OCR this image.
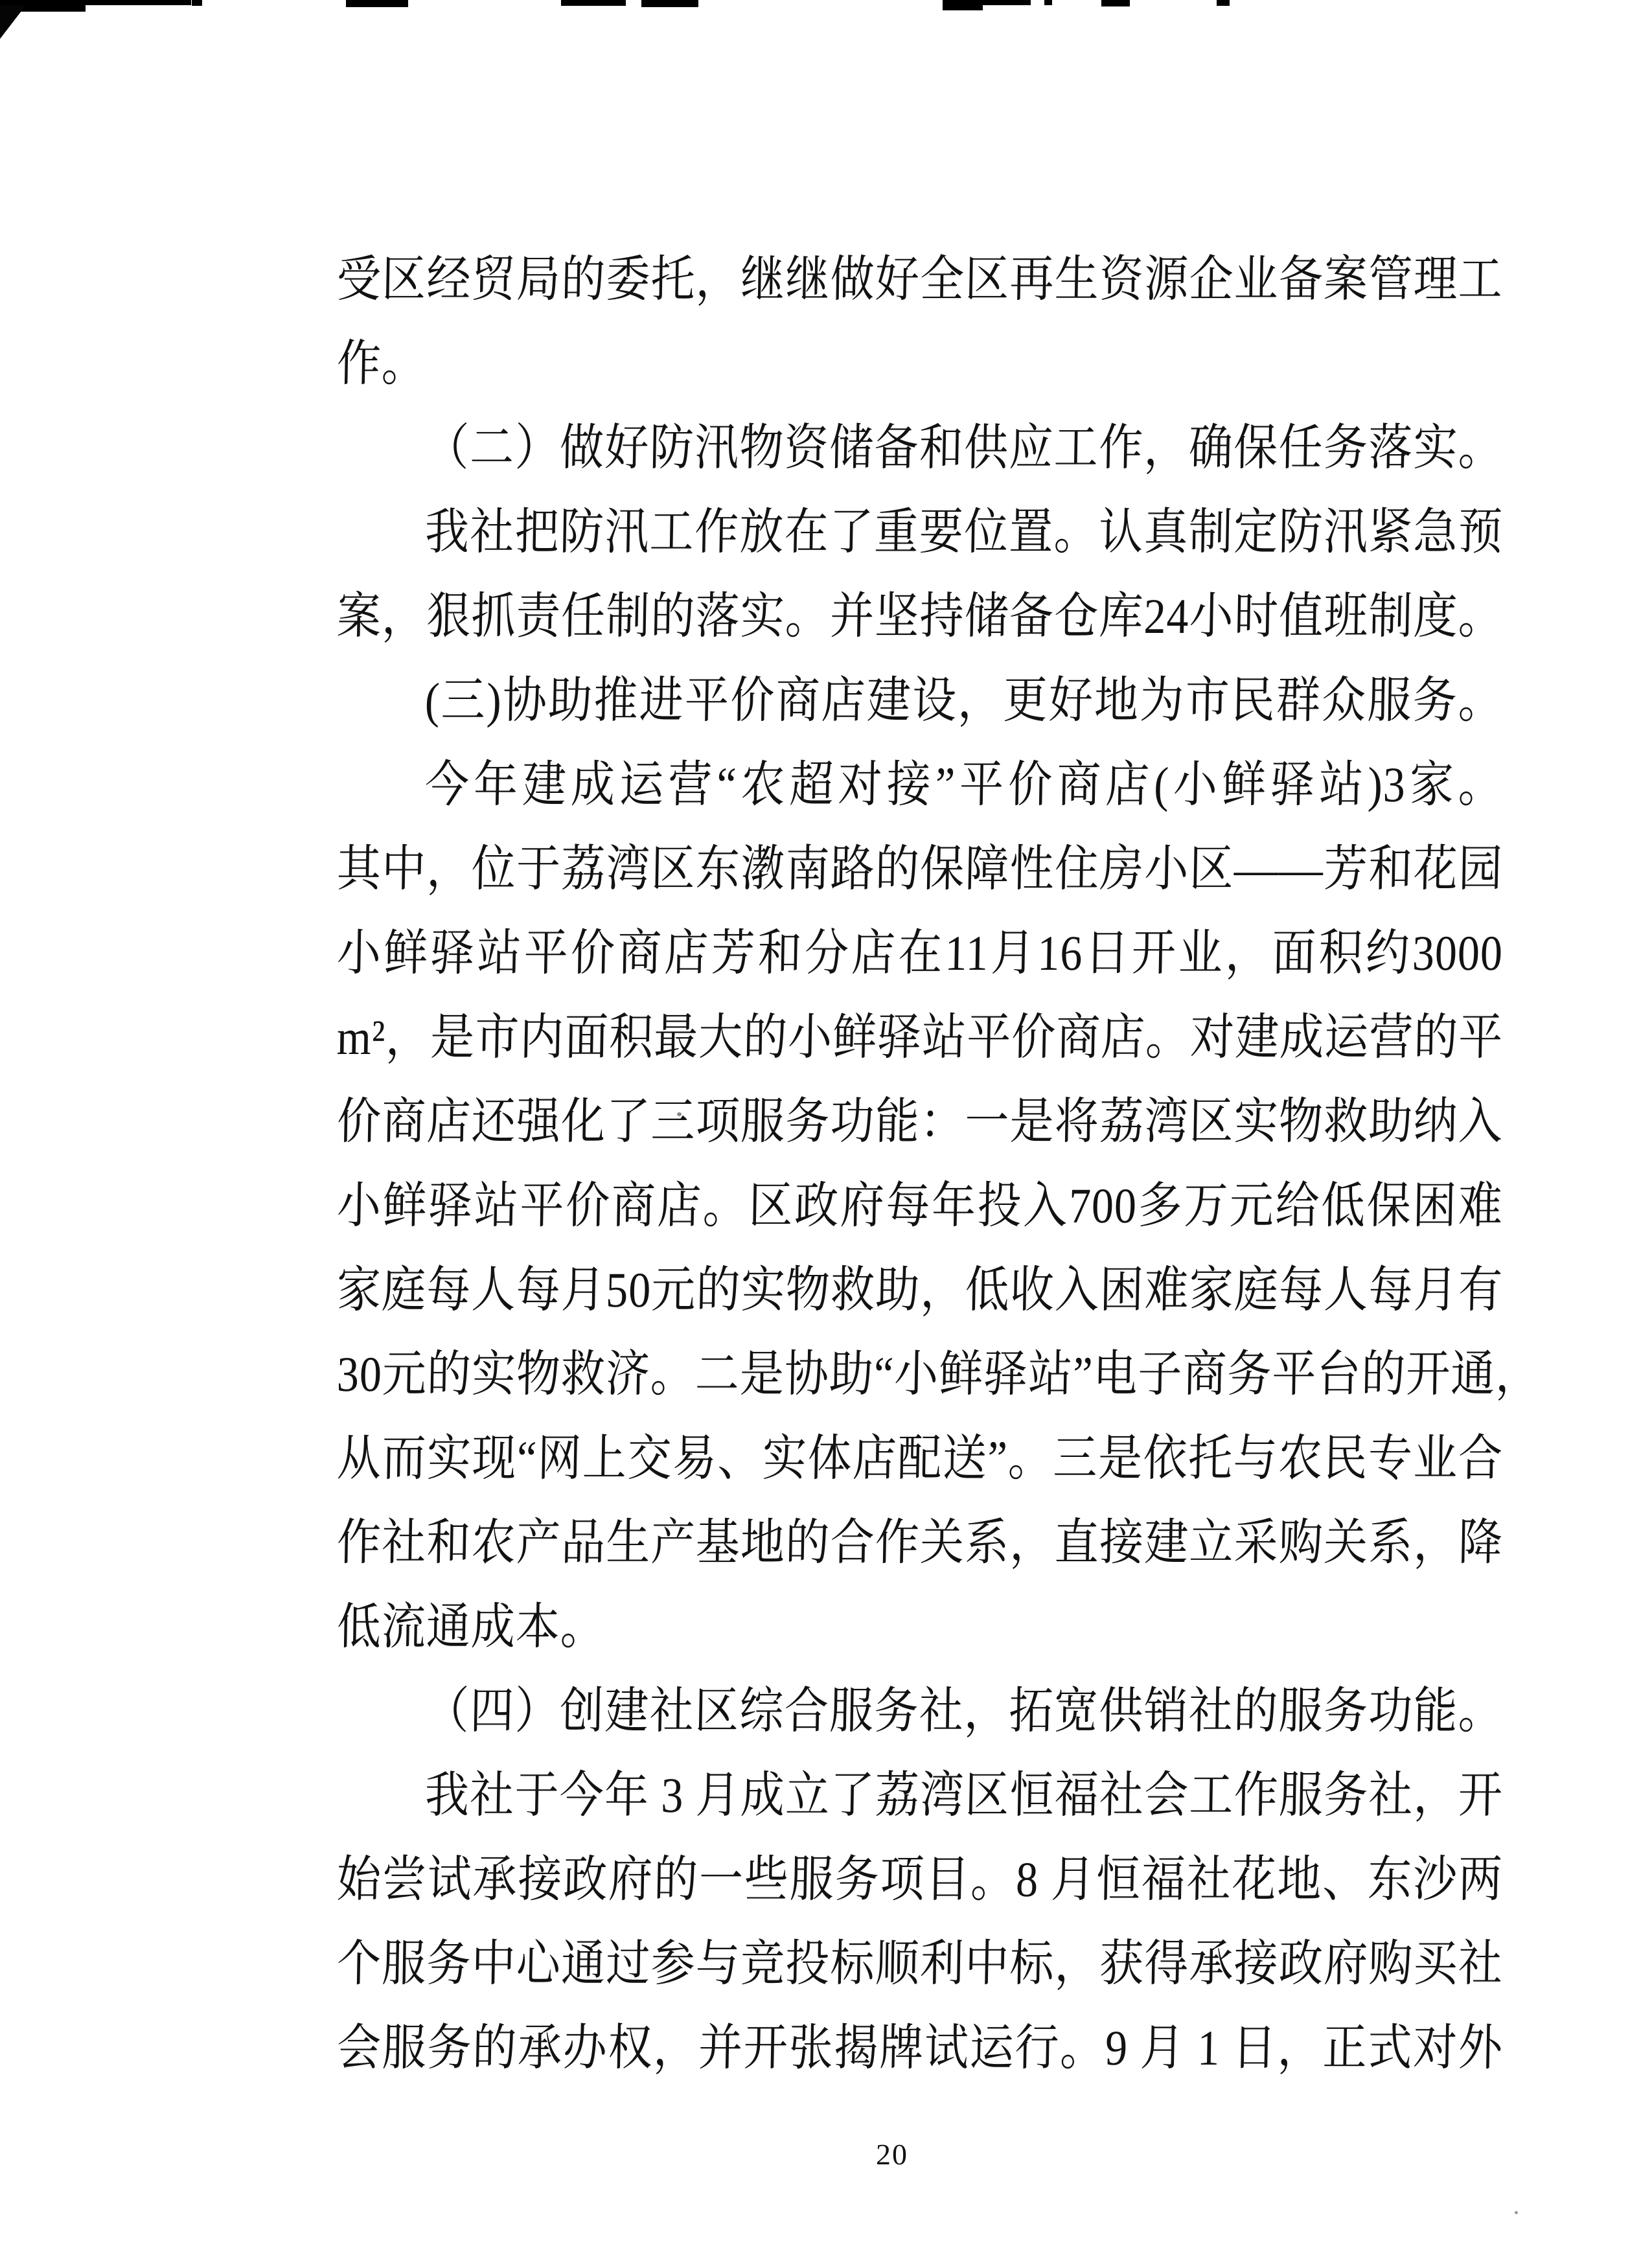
受区经贸局的委托，继继做好全区再生资源企业备案管理工
作。
（二）做好防汛物资储备和供应工作，确保任务落实。
我社把防汛工作放在了重要位置。认真制定防汛紧急预
案，狠抓责任制的落实。并坚持储备仓库24小时值班制度。
(三)协助推进平价商店建设，更好地为市民群众服务。
今年建成运营“农超对接”平价商店(小鲜驿站)3家。
其中，位于荔湾区东漖南路的保障性住房小区——芳和花园
小鲜驿站平价商店芳和分店在11月16日开业，面积约3000
m²，是市内面积最大的小鲜驿站平价商店。对建成运营的平
价商店还强化了三项服务功能：一是将荔湾区实物救助纳入
小鲜驿站平价商店。区政府每年投入700多万元给低保困难
家庭每人每月50元的实物救助，低收入困难家庭每人每月有
30元的实物救济。二是协助“小鲜驿站”电子商务平台的开通，
从而实现“网上交易、实体店配送”。三是依托与农民专业合
作社和农产品生产基地的合作关系，直接建立采购关系，降
低流通成本。
（四）创建社区综合服务社，拓宽供销社的服务功能。
我社于今年 3 月成立了荔湾区恒福社会工作服务社，开
始尝试承接政府的一些服务项目。8 月恒福社花地、东沙两
个服务中心通过参与竞投标顺利中标，获得承接政府购买社
会服务的承办权，并开张揭牌试运行。9 月 1 日，正式对外
20
